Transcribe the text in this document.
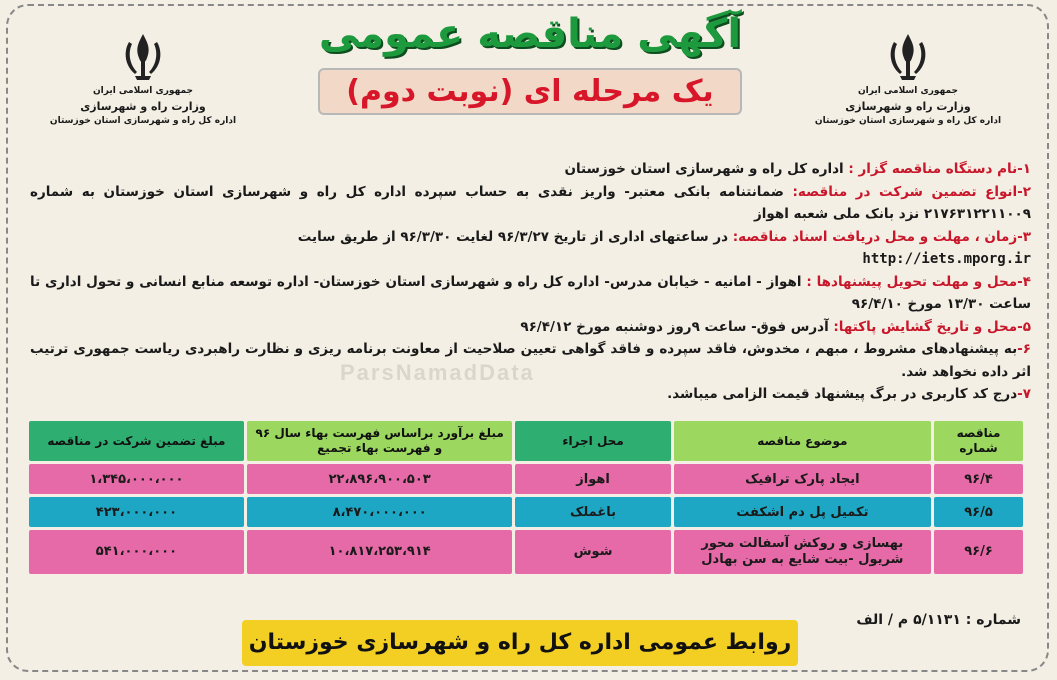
جمهوری اسلامی ایران
وزارت راه و شهرسازی
اداره کل راه و شهرسازی استان خوزستان
جمهوری اسلامی ایران
وزارت راه و شهرسازی
اداره کل راه و شهرسازی استان خوزستان
آگهی مناقصه عمومی
یک مرحله ای (نوبت دوم)

۱-نام دستگاه مناقصه گزار : اداره کل راه و شهرسازی استان خوزستان

۲-انواع تضمین شرکت در مناقصه: ضمانتنامه بانکی معتبر- واریز نقدی به حساب سپرده اداره کل راه و شهرسازی استان خوزستان به شماره ۲۱۷۶۳۱۲۲۱۱۰۰۹ نزد بانک ملی شعبه اهواز

۳-زمان ، مهلت و محل دریافت اسناد مناقصه: در ساعتهای اداری از تاریخ ۹۶/۳/۲۷ لغایت ۹۶/۳/۳۰ از طریق سایت
http://iets.mporg.ir

۴-محل و مهلت تحویل پیشنهادها : اهواز - امانیه - خیابان مدرس- اداره کل راه و شهرسازی استان خوزستان- اداره توسعه منابع انسانی و تحول اداری تا ساعت ۱۳/۳۰ مورخ ۹۶/۴/۱۰

۵-محل و تاریخ گشایش پاکتها: آدرس فوق- ساعت ۹روز دوشنبه مورخ ۹۶/۴/۱۲

۶-به پیشنهادهای مشروط ، مبهم ، مخدوش، فاقد سپرده و فاقد گواهی تعیین صلاحیت از معاونت برنامه ریزی و نظارت راهبردی ریاست جمهوری ترتیب اثر داده نخواهد شد.

۷-درج کد کاربری در برگ پیشنهاد قیمت الزامی میباشد.

ParsNamadData
مناقصه شماره	موضوع مناقصه	محل اجراء	مبلغ برآورد براساس فهرست بهاء سال ۹۶ و فهرست بهاء تجمیع	مبلغ تضمین شرکت در مناقصه
۹۶/۴	ایجاد پارک ترافیک	اهواز	۲۲،۸۹۶،۹۰۰،۵۰۳	۱،۳۴۵،۰۰۰،۰۰۰
۹۶/۵	تکمیل پل دم اشکفت	باغملک	۸،۴۷۰،۰۰۰،۰۰۰	۴۲۳،۰۰۰،۰۰۰
۹۶/۶	بهسازی و روکش آسفالت محور شریول -بیت شایع به سن بهادل	شوش	۱۰،۸۱۷،۲۵۳،۹۱۴	۵۴۱،۰۰۰،۰۰۰
شماره : ۵/۱۱۳۱ م / الف
روابط عمومی اداره کل راه و شهرسازی خوزستان
